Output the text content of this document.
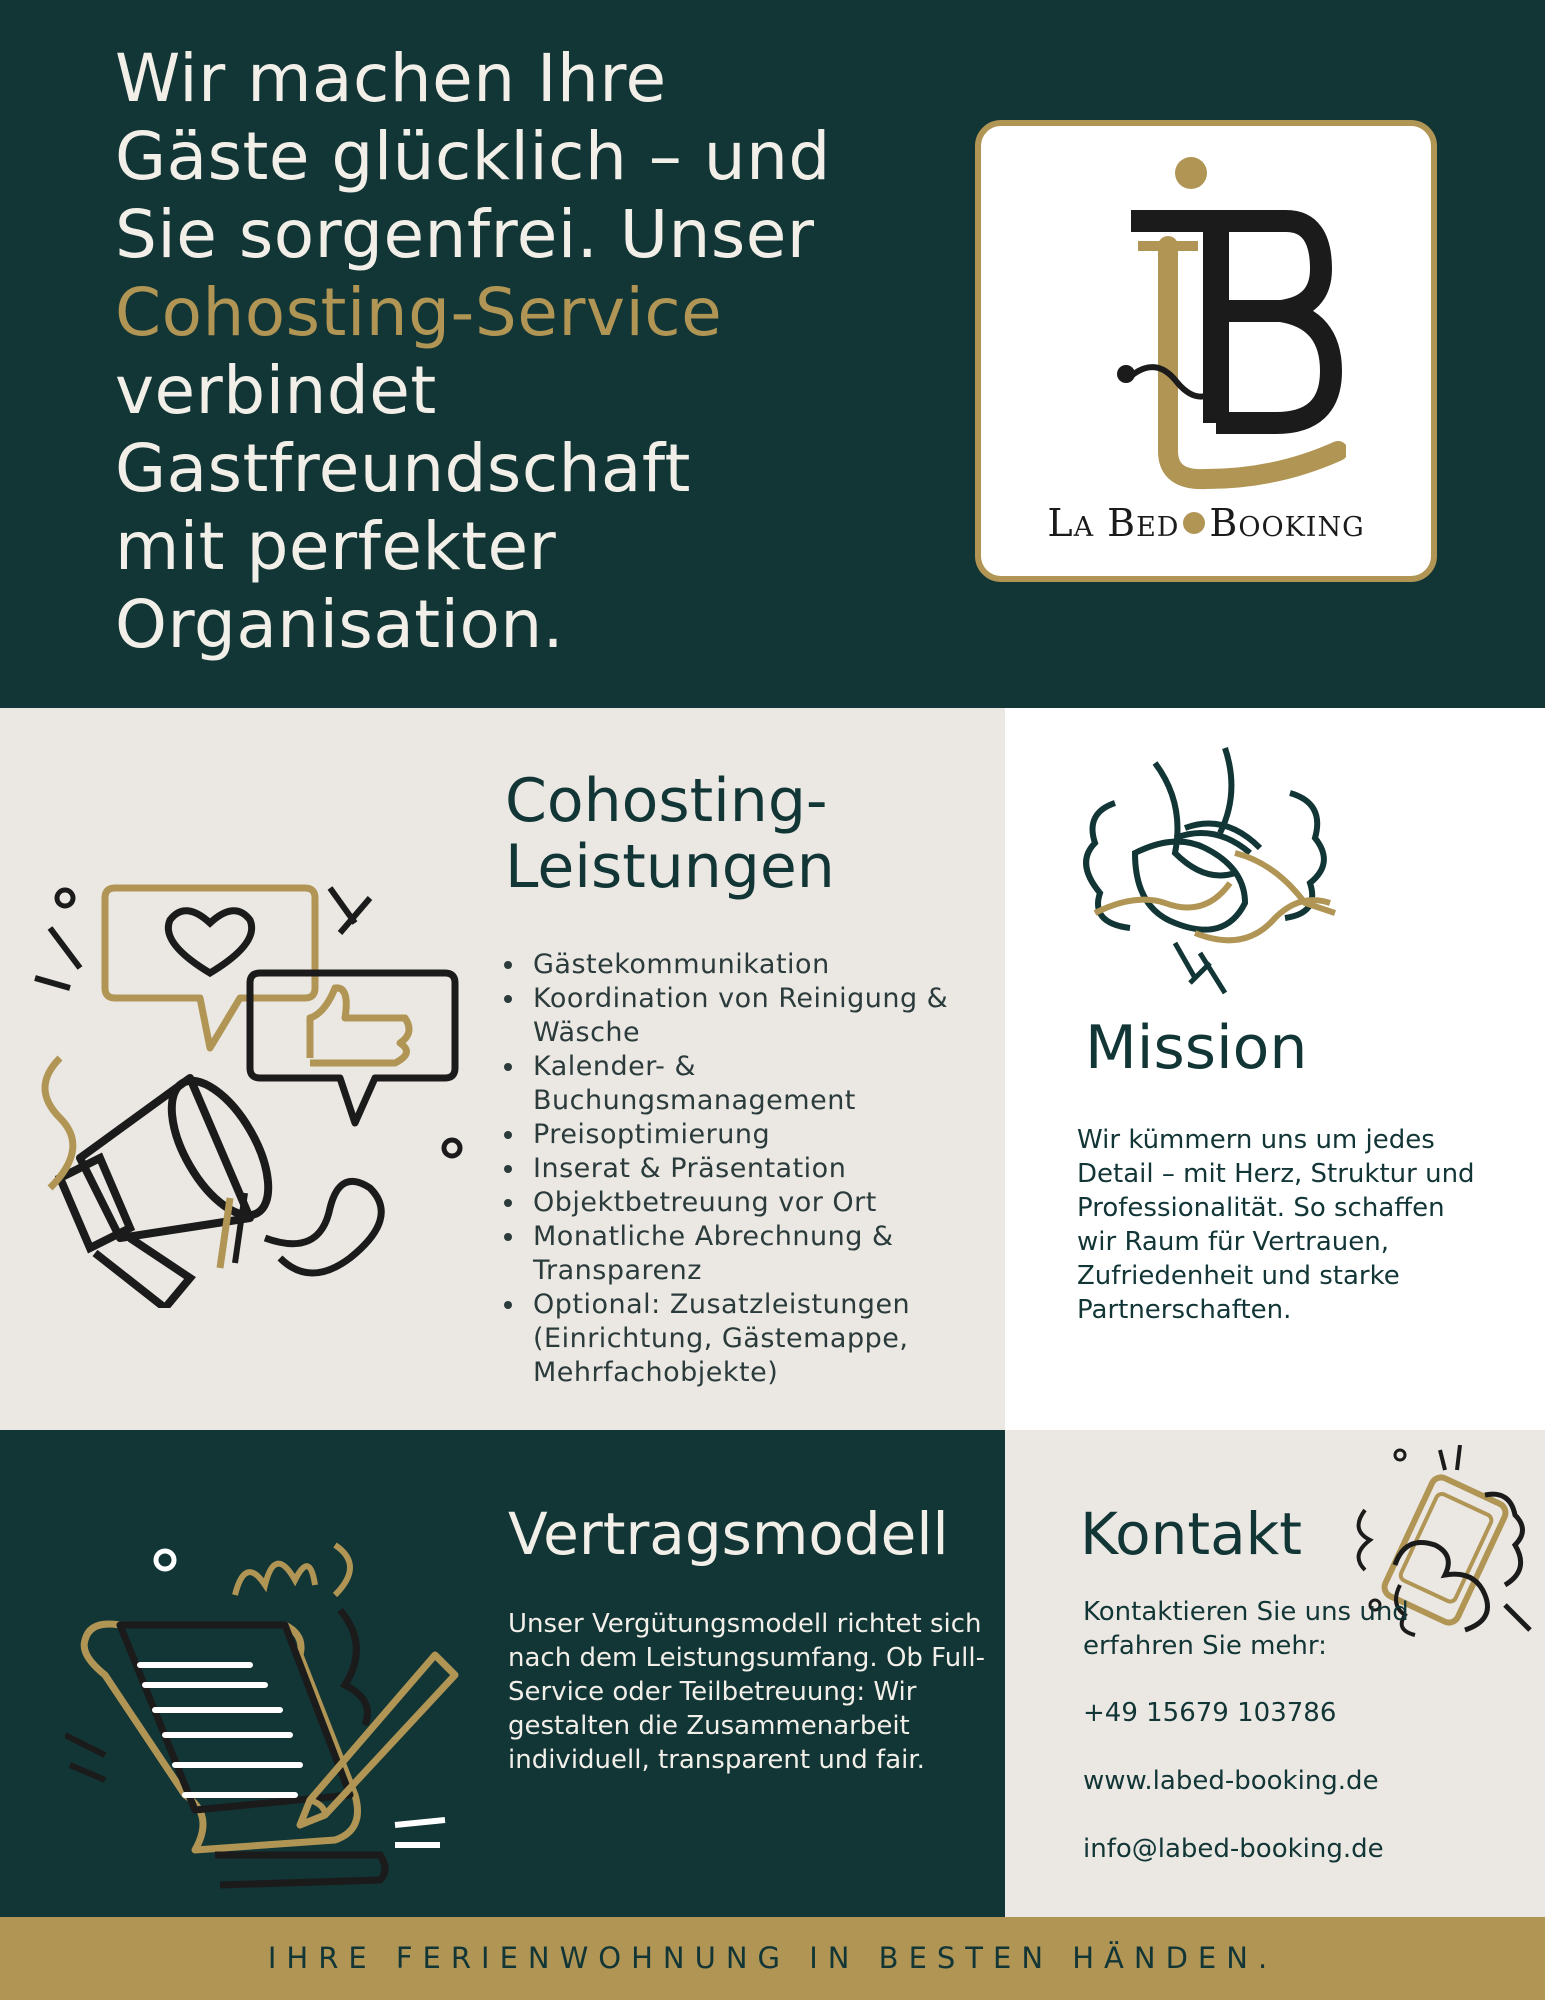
Wir machen Ihre
Gäste glücklich – und
Sie sorgenfrei. Unser
Cohosting-Service
verbindet
Gastfreundschaft
mit perfekter
Organisation.
La Bed Booking
Cohosting-
Leistungen
• Gästekommunikation
• Koordination von Reinigung & Wäsche
• Kalender- & Buchungsmanagement
• Preisoptimierung
• Inserat & Präsentation
• Objektbetreuung vor Ort
• Monatliche Abrechnung & Transparenz
• Optional: Zusatzleistungen (Einrichtung, Gästemappe, Mehrfachobjekte)
Mission
Wir kümmern uns um jedes Detail – mit Herz, Struktur und Professionalität. So schaffen wir Raum für Vertrauen, Zufriedenheit und starke Partnerschaften.
Vertragsmodell
Unser Vergütungsmodell richtet sich nach dem Leistungsumfang. Ob Full-Service oder Teilbetreuung: Wir gestalten die Zusammenarbeit individuell, transparent und fair.
Kontakt
Kontaktieren Sie uns und erfahren Sie mehr:
+49 15679 103786
www.labed-booking.de
info@labed-booking.de
IHRE FERIENWOHNUNG IN BESTEN HÄNDEN.
